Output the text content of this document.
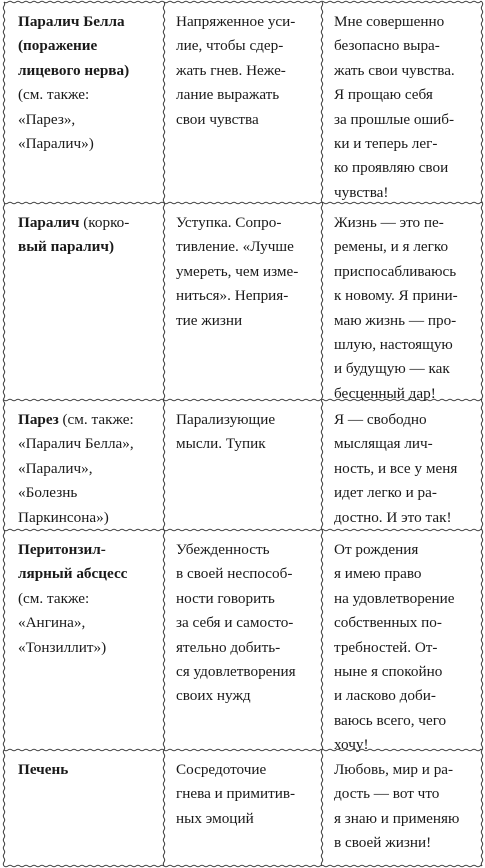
Паралич Белла
(поражение
лицевого нерва)
(см. также:
«Парез»,
«Паралич»)
Напряженное уси-
лие, чтобы сдер-
жать гнев. Неже-
лание выражать
свои чувства
Мне совершенно
безопасно выра-
жать свои чувства.
Я прощаю себя
за прошлые ошиб-
ки и теперь лег-
ко проявляю свои
чувства!
Паралич (корко-
вый паралич)
Уступка. Сопро-
тивление. «Лучше
умереть, чем изме-
ниться». Неприя-
тие жизни
Жизнь — это пе-
ремены, и я легко
приспосабливаюсь
к новому. Я прини-
маю жизнь — про-
шлую, настоящую
и будущую — как
бесценный дар!
Парез (см. также:
«Паралич Белла»,
«Паралич»,
«Болезнь
Паркинсона»)
Парализующие
мысли. Тупик
Я — свободно
мыслящая лич-
ность, и все у меня
идет легко и ра-
достно. И это так!
Перитонзил-
лярный абсцесс
(см. также:
«Ангина»,
«Тонзиллит»)
Убежденность
в своей неспособ-
ности говорить
за себя и самосто-
ятельно добить-
ся удовлетворения
своих нужд
От рождения
я имею право
на удовлетворение
собственных по-
требностей. От-
ныне я спокойно
и ласково доби-
ваюсь всего, чего
хочу!
Печень	Сосредоточие
гнева и примитив-
ных эмоций
Любовь, мир и ра-
дость — вот что
я знаю и применяю
в своей жизни!
